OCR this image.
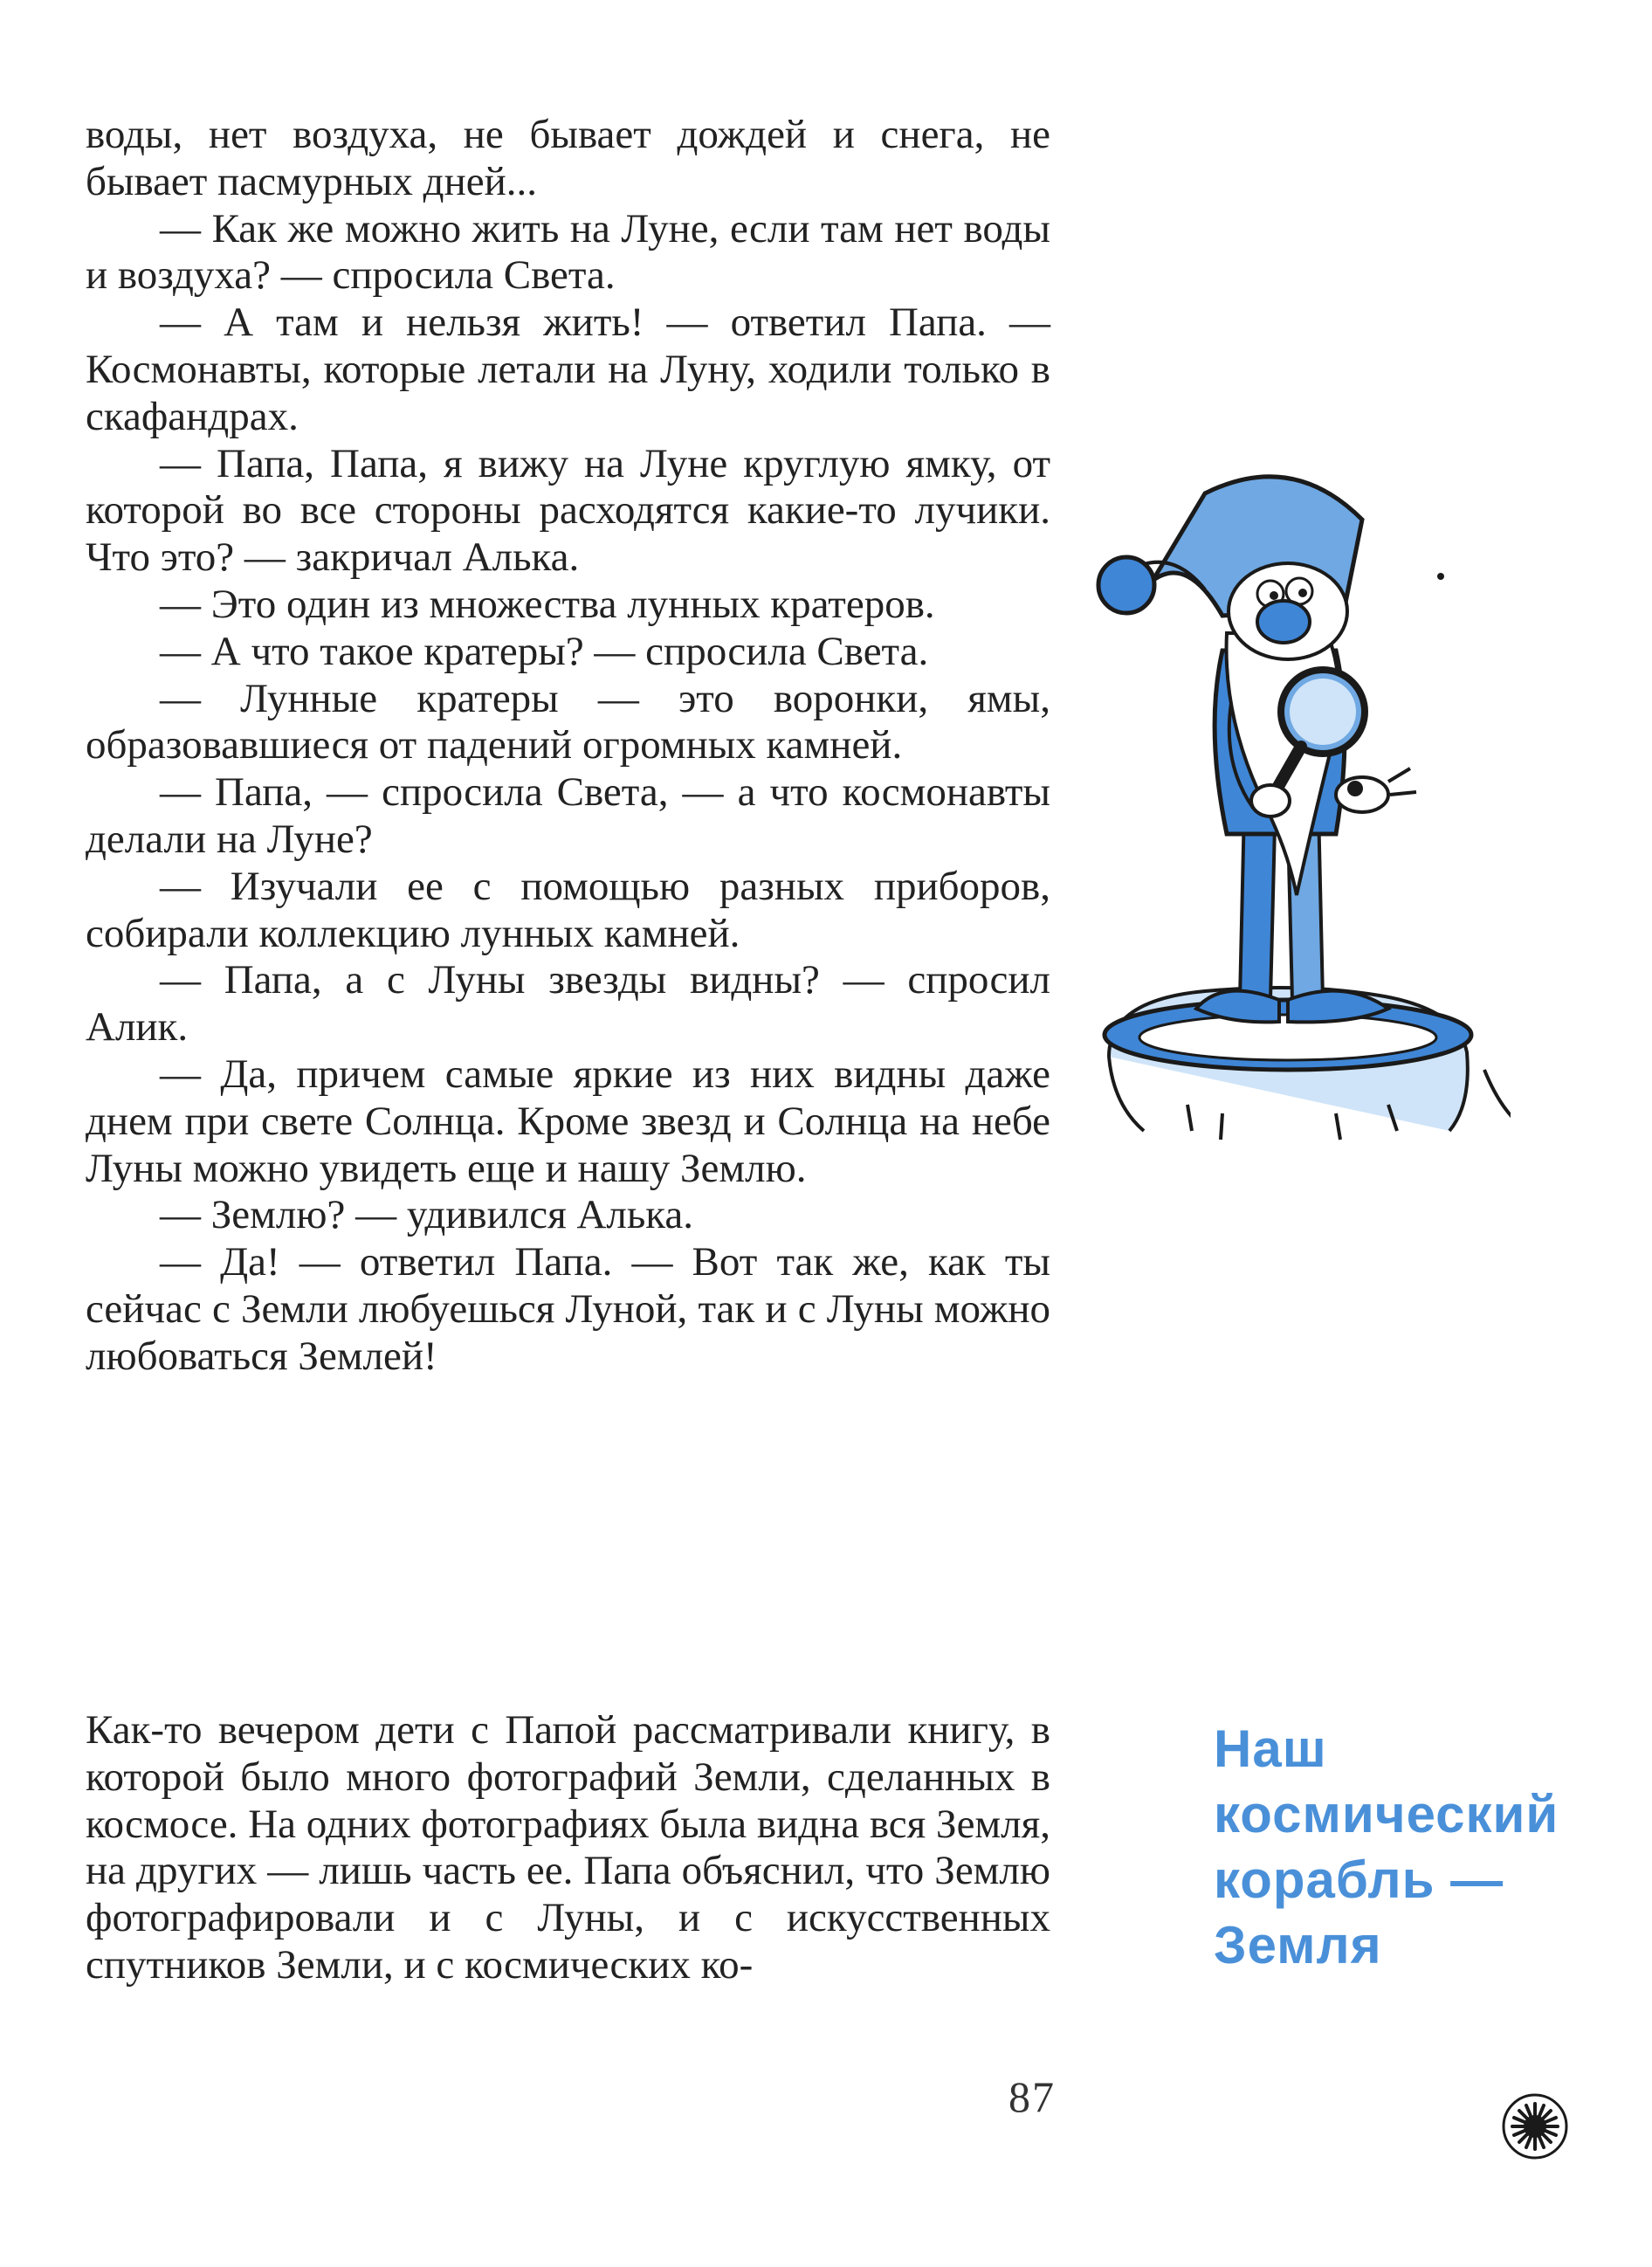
воды, нет воздуха, не бывает дождей и снега, не бывает пасмурных дней...

— Как же можно жить на Луне, если там нет воды и воздуха? — спросила Света.

— А там и нельзя жить! — ответил Папа. — Космонавты, которые летали на Луну, ходили только в скафандрах.

— Папа, Папа, я вижу на Луне круглую ямку, от которой во все стороны расходятся какие-то лучики. Что это? — закричал Алька.

— Это один из множества лунных кратеров.

— А что такое кратеры? — спросила Света.

— Лунные кратеры — это воронки, ямы, образовавшиеся от падений огромных камней.

— Папа, — спросила Света, — а что космонавты делали на Луне?

— Изучали ее с помощью разных приборов, собирали коллекцию лунных камней.

— Папа, а с Луны звезды видны? — спросил Алик.

— Да, причем самые яркие из них видны даже днем при свете Солнца. Кроме звезд и Солнца на небе Луны можно увидеть еще и нашу Землю.

— Землю? — удивился Алька.

— Да! — ответил Папа. — Вот так же, как ты сейчас с Земли любуешься Луной, так и с Луны можно любоваться Землей!

Как-то вечером дети с Папой рассматривали книгу, в которой было много фотографий Земли, сделанных в космосе. На одних фотографиях была видна вся Земля, на других — лишь часть ее. Папа объяснил, что Землю фотографировали и с Луны, и с искусственных спутников Земли, и с космических ко-

Наш
космический
корабль —
Земля
87
